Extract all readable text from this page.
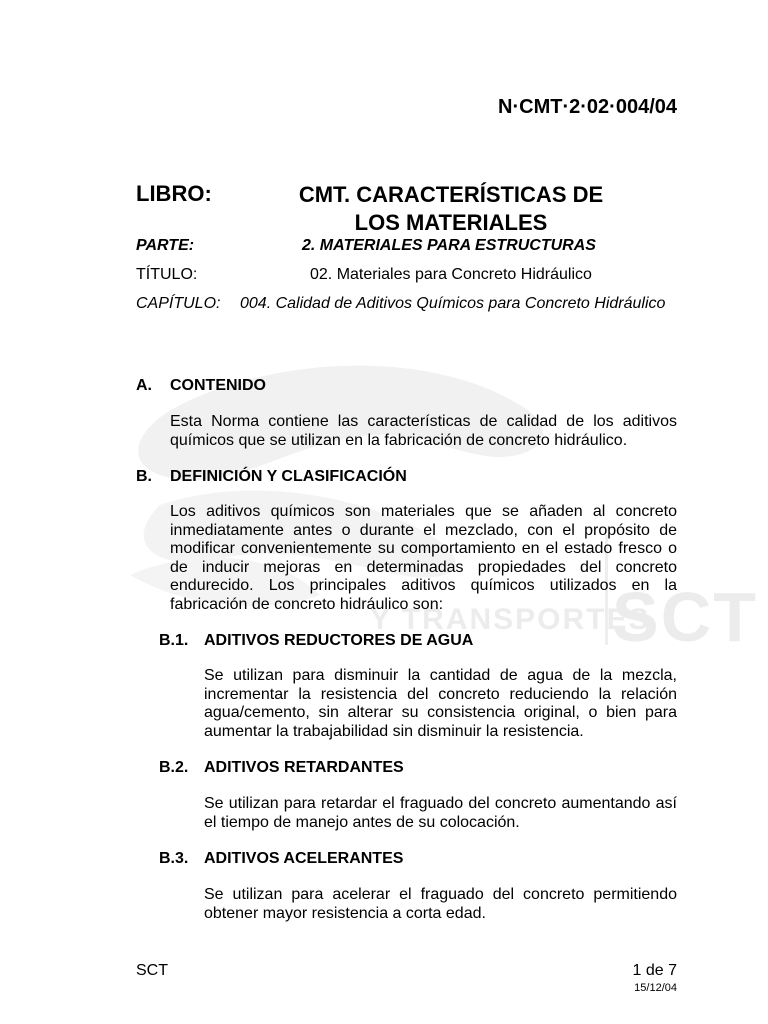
Y TRANSPORTES
SCT
N·CMT·2·02·004/04
LIBRO:	CMT. CARACTERÍSTICAS DE
LOS MATERIALES
PARTE:	2. MATERIALES PARA ESTRUCTURAS
TÍTULO:	02. Materiales para Concreto Hidráulico
CAPÍTULO: 004. Calidad de Aditivos Químicos para Concreto Hidráulico
A. CONTENIDO
Esta Norma contiene las características de calidad de los aditivos
químicos que se utilizan en la fabricación de concreto hidráulico.
B. DEFINICIÓN Y CLASIFICACIÓN
Los aditivos químicos son materiales que se añaden al concreto
inmediatamente antes o durante el mezclado, con el propósito de
modificar convenientemente su comportamiento en el estado fresco o
de inducir mejoras en determinadas propiedades del concreto
endurecido. Los principales aditivos químicos utilizados en la
fabricación de concreto hidráulico son:
B.1. ADITIVOS REDUCTORES DE AGUA
Se utilizan para disminuir la cantidad de agua de la mezcla,
incrementar la resistencia del concreto reduciendo la relación
agua/cemento, sin alterar su consistencia original, o bien para
aumentar la trabajabilidad sin disminuir la resistencia.
B.2. ADITIVOS RETARDANTES
Se utilizan para retardar el fraguado del concreto aumentando así
el tiempo de manejo antes de su colocación.
B.3. ADITIVOS ACELERANTES
Se utilizan para acelerar el fraguado del concreto permitiendo
obtener mayor resistencia a corta edad.
SCT	1 de 7
15/12/04
